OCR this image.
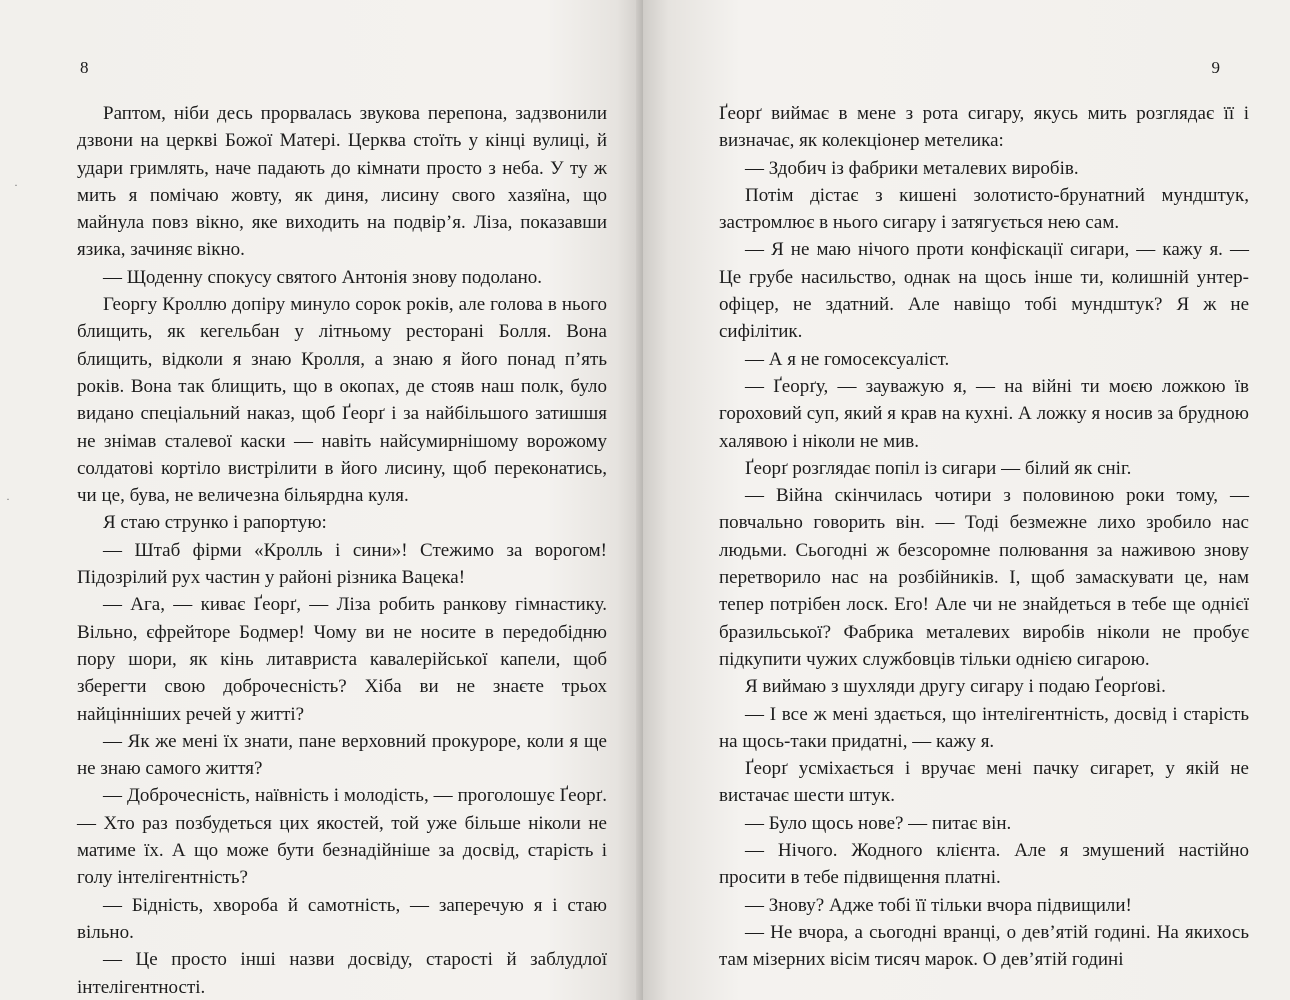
8

Раптом, ніби десь прорвалась звукова перепона, задзвонили дзвони на церкві Божої Матері. Церква стоїть у кінці вулиці, й удари гримлять, наче падають до кімнати просто з неба. У ту ж мить я помічаю жовту, як диня, лисину свого хазяїна, що майнула повз вікно, яке виходить на подвір’я. Ліза, показавши язика, зачиняє вікно.

— Щоденну спокусу святого Антонія знову подолано.

Георгу Кроллю допіру минуло сорок років, але голова в нього блищить, як кегельбан у літньому ресторані Болля. Вона блищить, відколи я знаю Кролля, а знаю я його понад п’ять років. Вона так блищить, що в окопах, де стояв наш полк, було видано спеціальний наказ, щоб Ґеорґ і за найбільшого затишшя не знімав сталевої каски — навіть найсумирнішому ворожому солдатові кортіло вистрілити в його лисину, щоб переконатись, чи це, бува, не величезна більярдна куля.

Я стаю струнко і рапортую:

— Штаб фірми «Кролль і сини»! Стежимо за ворогом! Підозрілий рух частин у районі різника Вацека!

— Ага, — киває Ґеорґ, — Ліза робить ранкову гімнастику. Вільно, єфрейторе Бодмер! Чому ви не носите в передобідню пору шори, як кінь литавриста кавалерійської капели, щоб зберегти свою доброчесність? Хіба ви не знаєте трьох найцінніших речей у житті?

— Як же мені їх знати, пане верховний прокуроре, коли я ще не знаю самого життя?

— Доброчесність, наївність і молодість, — проголошує Ґеорґ. — Хто раз позбудеться цих якостей, той уже більше ніколи не матиме їх. А що може бути безнадійніше за досвід, старість і голу інтелігентність?

— Бідність, хвороба й самотність, — заперечую я і стаю вільно.

— Це просто інші назви досвіду, старості й заблудлої інтелігентності.

·
·
9

Ґеорґ виймає в мене з рота сигару, якусь мить розглядає її і визначає, як колекціонер метелика:

— Здобич із фабрики металевих виробів.

Потім дістає з кишені золотисто-брунатний мундштук, застромлює в нього сигару і затягується нею сам.

— Я не маю нічого проти конфіскації сигари, — кажу я. — Це грубе насильство, однак на щось інше ти, колишній унтер-офіцер, не здатний. Але навіщо тобі мундштук? Я ж не сифілітик.

— А я не гомосексуаліст.

— Ґеорґу, — зауважую я, — на війні ти моєю ложкою їв гороховий суп, який я крав на кухні. А ложку я носив за брудною халявою і ніколи не мив.

Ґеорґ розглядає попіл із сигари — білий як сніг.

— Війна скінчилась чотири з половиною роки тому, — повчально говорить він. — Тоді безмежне лихо зробило нас людьми. Сьогодні ж безсоромне полювання за наживою знову перетворило нас на розбійників. І, щоб замаскувати це, нам тепер потрібен лоск. Его! Але чи не знайдеться в тебе ще однієї бразильської? Фабрика металевих виробів ніколи не пробує підкупити чужих службовців тільки однією сигарою.

Я виймаю з шухляди другу сигару і подаю Ґеорґові.

— І все ж мені здається, що інтелігентність, досвід і старість на щось-таки придатні, — кажу я.

Ґеорґ усміхається і вручає мені пачку сигарет, у якій не вистачає шести штук.

— Було щось нове? — питає він.

— Нічого. Жодного клієнта. Але я змушений настійно просити в тебе підвищення платні.

— Знову? Адже тобі її тільки вчора підвищили!

— Не вчора, а сьогодні вранці, о дев’ятій годині. На якихось там мізерних вісім тисяч марок. О дев’ятій годині
